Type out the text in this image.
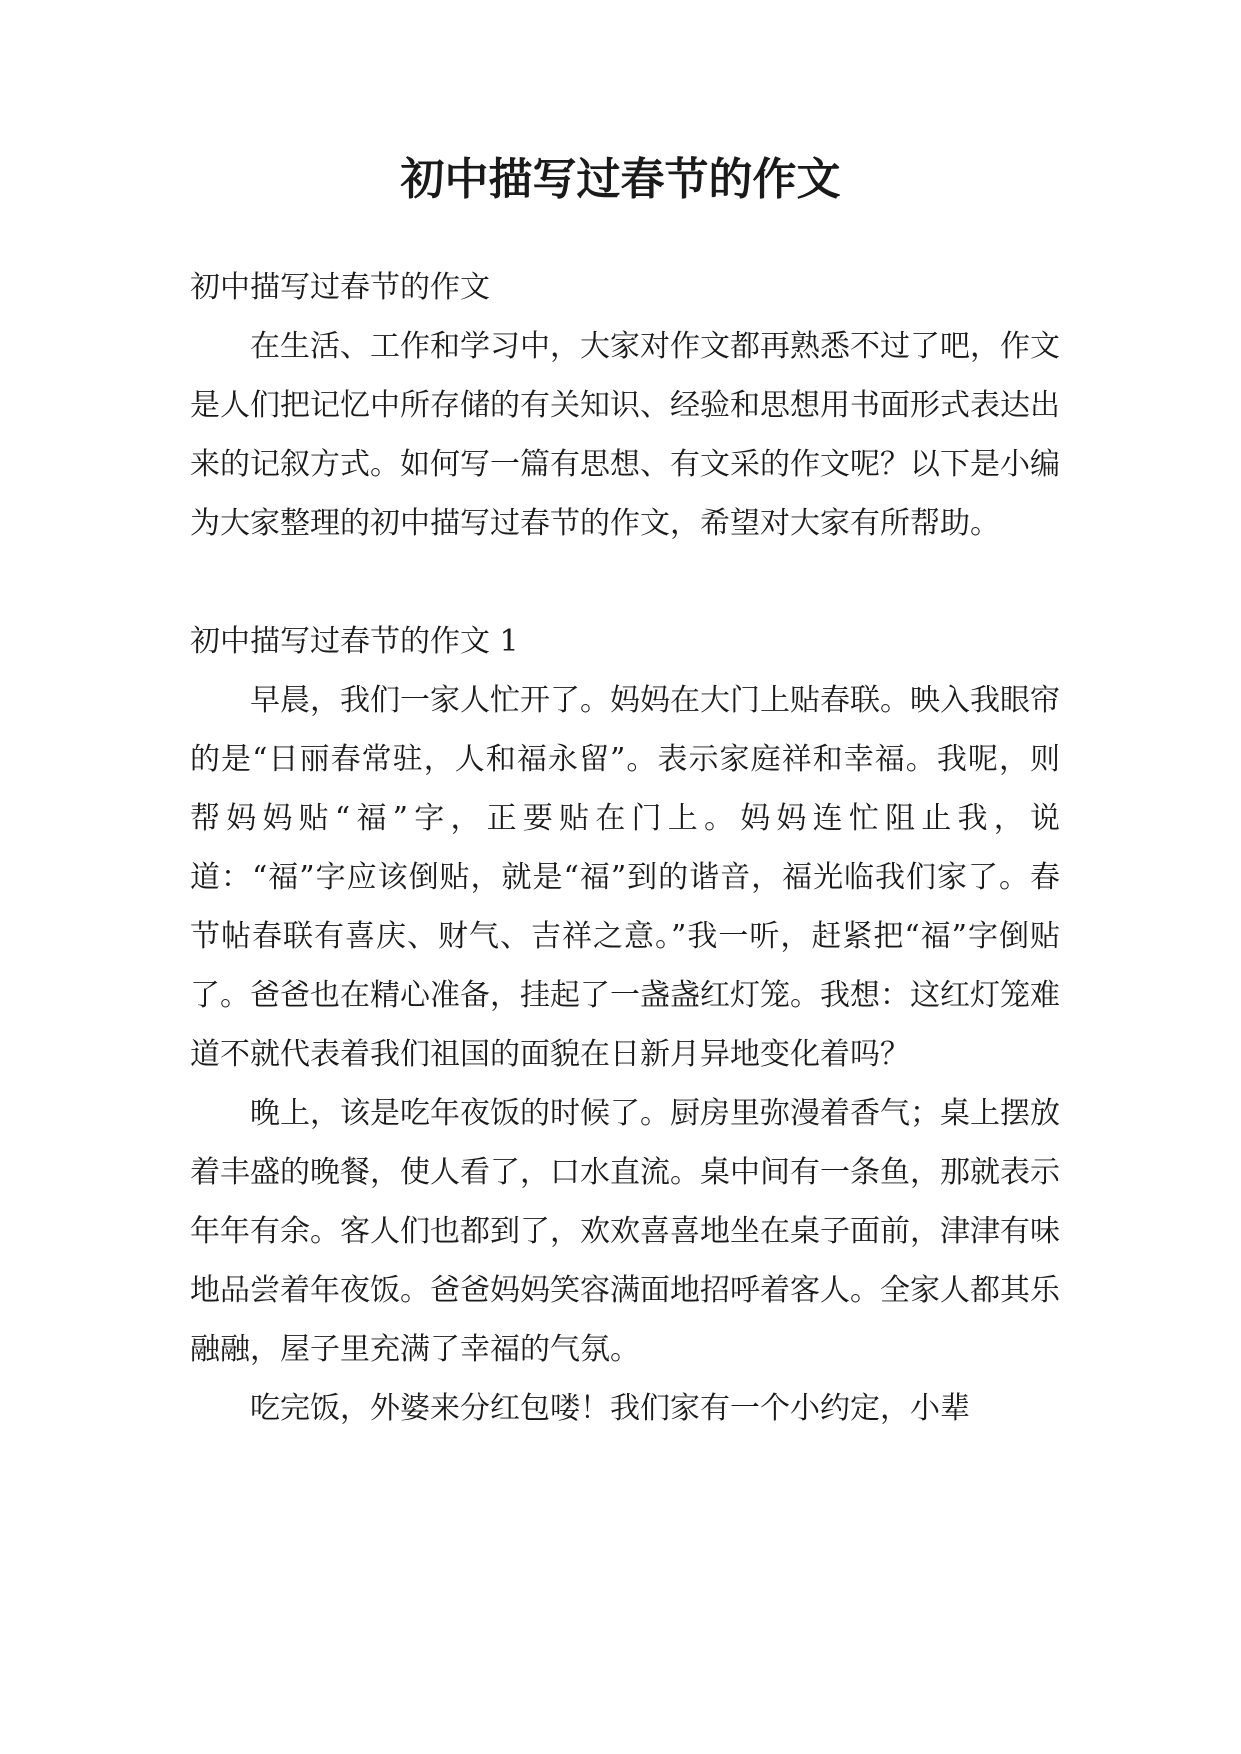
初中描写过春节的作文

初中描写过春节的作文

在生活、工作和学习中，大家对作文都再熟悉不过了吧，作文是人们把记忆中所存储的有关知识、经验和思想用书面形式表达出来的记叙方式。如何写一篇有思想、有文采的作文呢？以下是小编为大家整理的初中描写过春节的作文，希望对大家有所帮助。

初中描写过春节的作文 1

早晨，我们一家人忙开了。妈妈在大门上贴春联。映入我眼帘的是“日丽春常驻，人和福永留”。表示家庭祥和幸福。我呢，则帮妈妈贴“福”字，正要贴在门上。妈妈连忙阻止我，说道：“福”字应该倒贴，就是“福”到的谐音，福光临我们家了。春节帖春联有喜庆、财气、吉祥之意。”我一听，赶紧把“福”字倒贴了。爸爸也在精心准备，挂起了一盏盏红灯笼。我想：这红灯笼难道不就代表着我们祖国的面貌在日新月异地变化着吗？

晚上，该是吃年夜饭的时候了。厨房里弥漫着香气；桌上摆放着丰盛的晚餐，使人看了，口水直流。桌中间有一条鱼，那就表示年年有余。客人们也都到了，欢欢喜喜地坐在桌子面前，津津有味地品尝着年夜饭。爸爸妈妈笑容满面地招呼着客人。全家人都其乐融融，屋子里充满了幸福的气氛。

吃完饭，外婆来分红包喽！我们家有一个小约定，小辈
